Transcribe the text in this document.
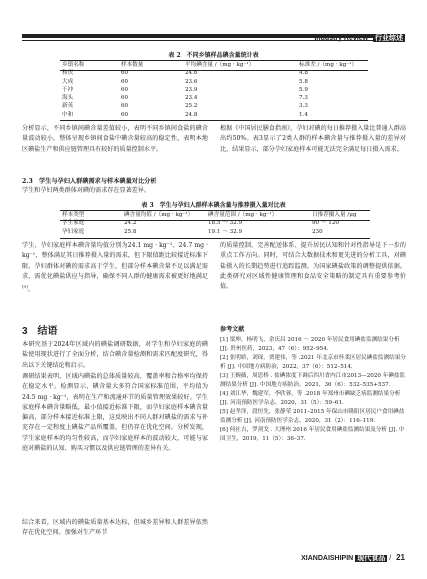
Industry Review 行业综述
表 2　不同乡镇样品碘含量统计表
乡镇名称	样本数量	平均碘含量 /（mg · kg⁻¹）	标准差 /（mg · kg⁻¹）
和庆	60	24.6	4.8
大成	60	23.6	5.8
干冲	60	23.9	5.9
海头	60	23.4	7.3
新英	60	25.2	3.3
中和	60	24.8	1.4
分析显示，不同乡镇间碘含量差值较小，表明不同乡镇间食盐的碘含量波动较小，整体呈现乡镇间食盐中碘含量较高的稳定性，表明本地区碘盐生产和供应链管理具有较好的质量控制水平。
2.3　学生与孕妇人群碘需求与样本碘量对比分析
学生和孕妇两类群体对碘的需求存在显著差异。
根据《中国居民膳食指南》，孕妇对碘的每日推荐摄入量比普通人群高出约50%。表3显示了2类人群的样本碘含量与推荐摄入量的差异对比，结果显示，部分孕妇家庭样本可能无法完全满足每日摄入需求。
表 3　学生与孕妇人群样本碘含量与推荐摄入量对比表
样本类型	碘含量均值 /（mg · kg⁻¹）	碘含量范围 /（mg · kg⁻¹）	日推荐摄入量 /μg
学生家庭	24.2	18.5 ～ 32.9	90 ～ 120
孕妇家庭	25.8	19.1 ～ 32.9	230
学生、孕妇家庭样本碘含量均值分别为24.1 mg · kg⁻¹、24.7 mg · kg⁻¹，整体满足其日推荐摄入量的需求，但下限值距比较接近标准下限，孕妇群体对碘的需求高于学生，但部分样本碘含量不足以满足需求，需优化碘盐供应与指导，确保不同人群的健康需求被更好地满足[9]。
3　结语
本研究基于2024年区域内的碘盐调研数据，对学生和孕妇家庭的碘盐使用现状进行了全面分析，结合碘含量检测和需求匹配度研究，得出以下关键结论和启示。
调研结果表明，区域内碘盐的总体质量较高，覆盖率和合格率均保持在稳定水平。检测显示，碘含量大多符合国家标准范围，平均值为24.5 mg · kg⁻¹，表明在生产和流通环节的质量管理效果较好。学生家庭样本碘含量略低，最小值接近标准下限，而孕妇家庭样本碘含量偏高，部分样本接近标准上限，这反映出不同人群对碘盐的需求与补充存在一定程度上碘盐产品所覆盖，但仍存在优化空间。分析发现，学生家庭样本的均匀性较高，而孕妇家庭样本的波动较大，可能与家庭对碘盐的认知、购买习惯以及供应链管理的差异有关。
综合来看，区域内的碘盐质量基本达标，但城乡差异和人群差异依然存在优化空间。加强对生产环节
的质量控制、完善配送体系、提升居民认知和针对性指导是下一步的重点工作方向。同时，可结合大数据技术和更先进的分析工具，对碘盐摄入的长期趋势进行追踪监测，为国家碘盐政策的调整提供依据。此类研究对区域性健康管理和食品安全策略的制定具有重要参考价值。
参考文献
[1] 梁坤，杨明飞，余庆昌 2016 ～ 2020 年居民食用碘盐监测结果分析 [J]. 贵州医药，2023，47（6）：952–954.
[2] 张明娇，刘琛，贾建伟，等 .2021 年北京市怀柔区居民碘盐监测结果分析 [J]. 中国地方病防治，2022，37（6）：512–514.
[3] 王婉薇，周思桥 . 盐碘浓度下调后四川省内江市2013—2020 年碘盐监测结果分析 [J]. 中国地方病防治，2021，36（6）：532–535+537.
[4] 刘江华，魏建军，李欣蓉，等 .2018 年郑州市碘缺乏病监测结果分析 [J]. 河南预防医学杂志，2020，31（5）：59–61.
[5] 赵孝泽，段恒先，张静荣 2011–2015 年保山市隆阳区居民户食用碘盐监测分析 [J]. 河南预防医学杂志，2020，31（2）：116–119.
[6] 何社吉，罗剑戈 . 大理州 2016 年居民食用碘盐监测结果及分析 [J]. 中国卫生，2019，11（5）：36–37.
XIANDAISHIPIN 现代食品 / 21
